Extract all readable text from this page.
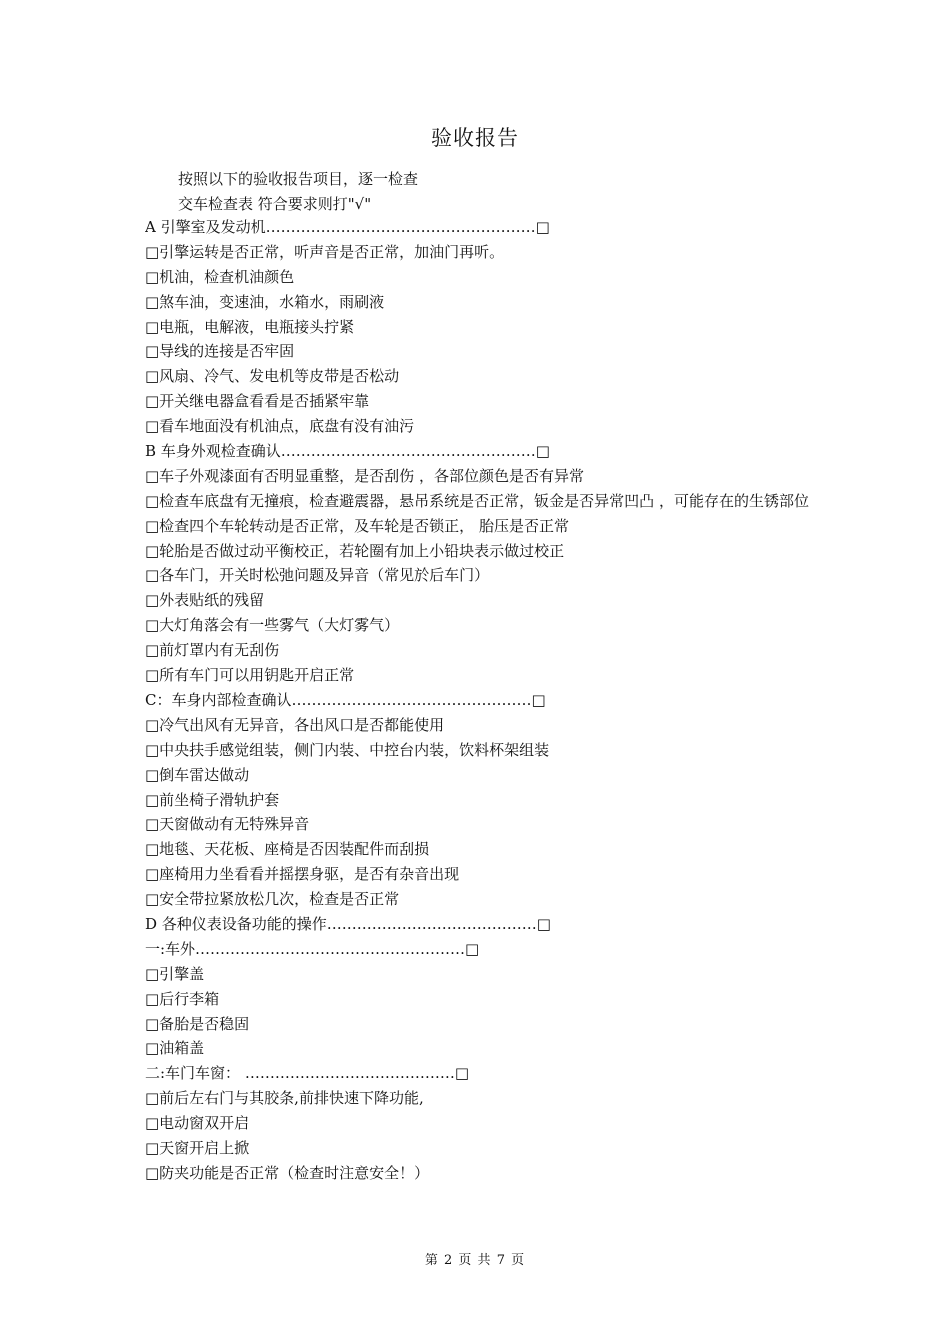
验收报告
按照以下的验收报告项目，逐一检查
交车检查表 符合要求则打"√"
A 引擎室及发动机………………………………………………□
□引擎运转是否正常，听声音是否正常，加油门再听。
□机油，检查机油颜色
□煞车油，变速油，水箱水，雨刷液
□电瓶，电解液，电瓶接头拧紧
□导线的连接是否牢固
□风扇、冷气、发电机等皮带是否松动
□开关继电器盒看看是否插紧牢靠
□看车地面没有机油点，底盘有没有油污
B 车身外观检查确认……………………………………………□
□车子外观漆面有否明显重整，是否刮伤 ，各部位颜色是否有异常
□检查车底盘有无撞痕，检查避震器，悬吊系统是否正常，钣金是否异常凹凸 ，可能存在的生锈部位
□检查四个车轮转动是否正常，及车轮是否锁正， 胎压是否正常
□轮胎是否做过动平衡校正，若轮圈有加上小铅块表示做过校正
□各车门，开关时松弛问题及异音（常见於后车门）
□外表贴纸的残留
□大灯角落会有一些雾气（大灯雾气）
□前灯罩内有无刮伤
□所有车门可以用钥匙开启正常
C：车身内部检查确认…………………………………………□
□冷气出风有无异音，各出风口是否都能使用
□中央扶手感觉组装，侧门内装、中控台内装，饮料杯架组装
□倒车雷达做动
□前坐椅子滑轨护套
□天窗做动有无特殊异音
□地毯、天花板、座椅是否因装配件而刮损
□座椅用力坐看看并摇摆身驱，是否有杂音出现
□安全带拉紧放松几次，检查是否正常
D 各种仪表设备功能的操作……………………………………□
一:车外………………………………………………□
□引擎盖
□后行李箱
□备胎是否稳固
□油箱盖
二:车门车窗： ……………………………………□
□前后左右门与其胶条,前排快速下降功能,
□电动窗双开启
□天窗开启上掀
□防夹功能是否正常（检查时注意安全！）
第 2 页 共 7 页
